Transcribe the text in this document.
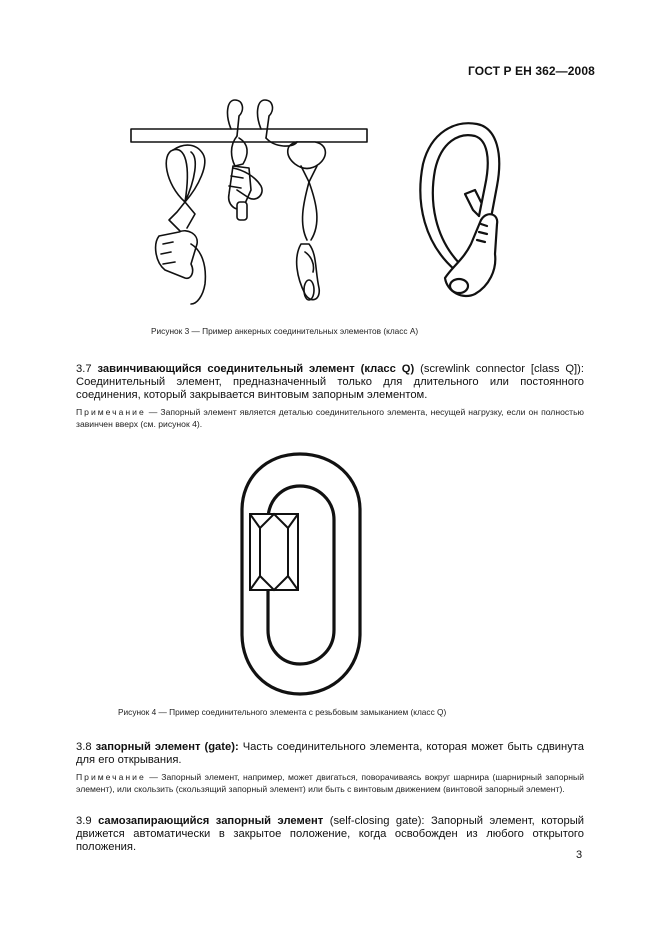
ГОСТ Р ЕН 362—2008
Рисунок 3 — Пример анкерных соединительных элементов (класс А)
3.7 завинчивающийся соединительный элемент (класс Q) (screwlink connector [class Q]): Соединительный элемент, предназначенный только для длительного или постоянного соединения, который закрывается винтовым запорным элементом.
Примечание — Запорный элемент является деталью соединительного элемента, несущей нагрузку, если он полностью завинчен вверх (см. рисунок 4).
Рисунок 4 — Пример соединительного элемента с резьбовым замыканием (класс Q)
3.8 запорный элемент (gate): Часть соединительного элемента, которая может быть сдвинута для его открывания.
Примечание — Запорный элемент, например, может двигаться, поворачиваясь вокруг шарнира (шарнирный запорный элемент), или скользить (скользящий запорный элемент) или быть с винтовым движением (винтовой запорный элемент).
3.9 самозапирающийся запорный элемент (self-closing gate): Запорный элемент, который движется автоматически в закрытое положение, когда освобожден из любого открытого положения.
3
